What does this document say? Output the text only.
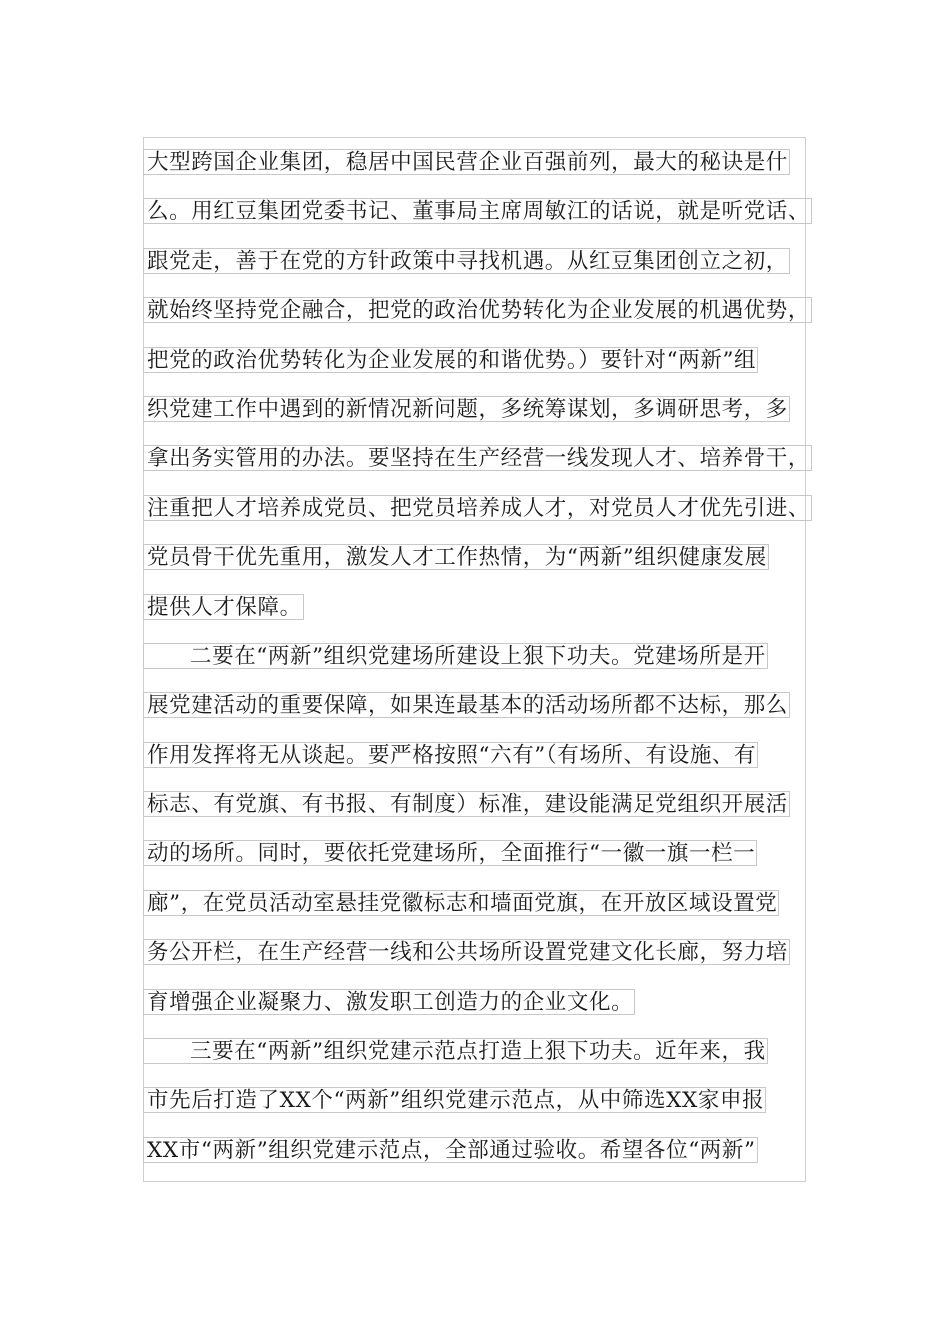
大型跨国企业集团，稳居中国民营企业百强前列，最大的秘诀是什
么。用红豆集团党委书记、董事局主席周敏江的话说，就是听党话、
跟党走，善于在党的方针政策中寻找机遇。从红豆集团创立之初，
就始终坚持党企融合，把党的政治优势转化为企业发展的机遇优势，
把党的政治优势转化为企业发展的和谐优势。）要针对“两新”组
织党建工作中遇到的新情况新问题，多统筹谋划，多调研思考，多
拿出务实管用的办法。要坚持在生产经营一线发现人才、培养骨干，
注重把人才培养成党员、把党员培养成人才，对党员人才优先引进、
党员骨干优先重用，激发人才工作热情，为“两新”组织健康发展
提供人才保障。
二要在“两新”组织党建场所建设上狠下功夫。党建场所是开
展党建活动的重要保障，如果连最基本的活动场所都不达标，那么
作用发挥将无从谈起。要严格按照“六有”（有场所、有设施、有
标志、有党旗、有书报、有制度）标准，建设能满足党组织开展活
动的场所。同时，要依托党建场所，全面推行“一徽一旗一栏一
廊”，在党员活动室悬挂党徽标志和墙面党旗，在开放区域设置党
务公开栏，在生产经营一线和公共场所设置党建文化长廊，努力培
育增强企业凝聚力、激发职工创造力的企业文化。
三要在“两新”组织党建示范点打造上狠下功夫。近年来，我
市先后打造了XX个“两新”组织党建示范点，从中筛选XX家申报
XX市“两新”组织党建示范点，全部通过验收。希望各位“两新”
